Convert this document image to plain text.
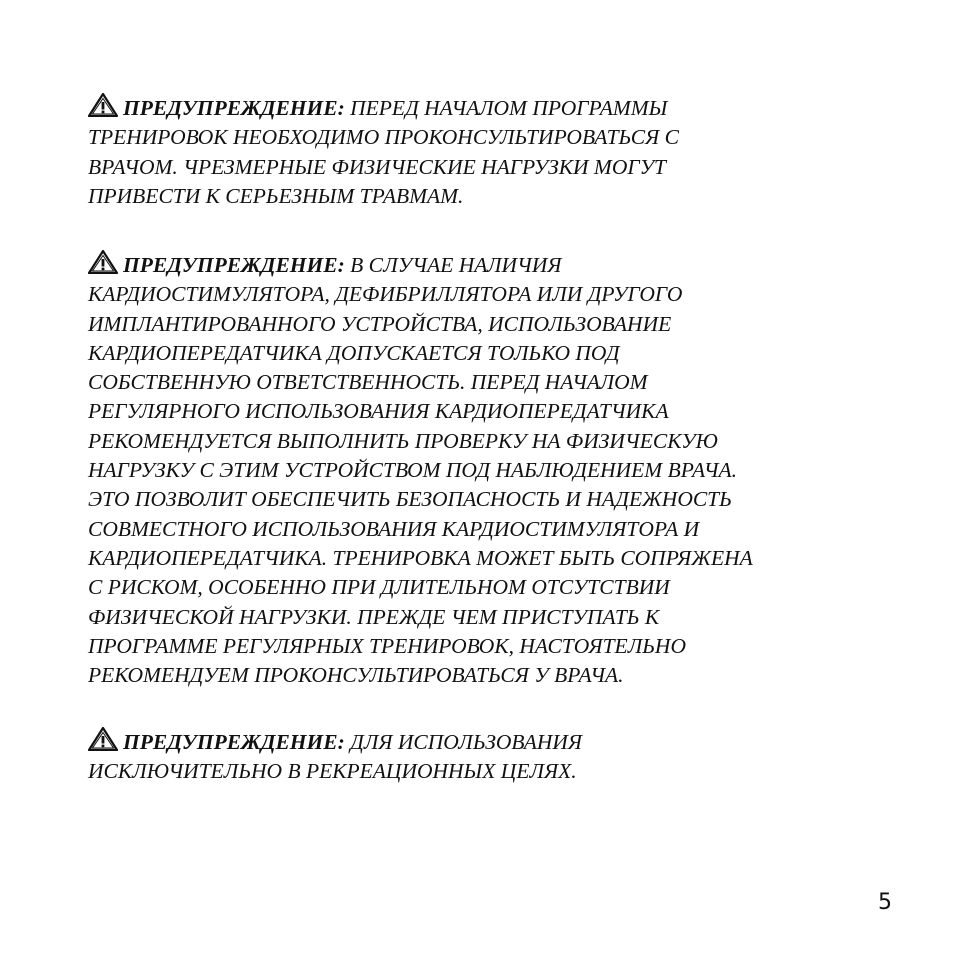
ПРЕДУПРЕЖДЕНИЕ: ПЕРЕД НАЧАЛОМ ПРОГРАММЫ
ТРЕНИРОВОК НЕОБХОДИМО ПРОКОНСУЛЬТИРОВАТЬСЯ С
ВРАЧОМ. ЧРЕЗМЕРНЫЕ ФИЗИЧЕСКИЕ НАГРУЗКИ МОГУТ
ПРИВЕСТИ К СЕРЬЕЗНЫМ ТРАВМАМ.
ПРЕДУПРЕЖДЕНИЕ: В СЛУЧАЕ НАЛИЧИЯ
КАРДИОСТИМУЛЯТОРА, ДЕФИБРИЛЛЯТОРА ИЛИ ДРУГОГО
ИМПЛАНТИРОВАННОГО УСТРОЙСТВА, ИСПОЛЬЗОВАНИЕ
КАРДИОПЕРЕДАТЧИКА ДОПУСКАЕТСЯ ТОЛЬКО ПОД
СОБСТВЕННУЮ ОТВЕТСТВЕННОСТЬ. ПЕРЕД НАЧАЛОМ
РЕГУЛЯРНОГО ИСПОЛЬЗОВАНИЯ КАРДИОПЕРЕДАТЧИКА
РЕКОМЕНДУЕТСЯ ВЫПОЛНИТЬ ПРОВЕРКУ НА ФИЗИЧЕСКУЮ
НАГРУЗКУ С ЭТИМ УСТРОЙСТВОМ ПОД НАБЛЮДЕНИЕМ ВРАЧА.
ЭТО ПОЗВОЛИТ ОБЕСПЕЧИТЬ БЕЗОПАСНОСТЬ И НАДЕЖНОСТЬ
СОВМЕСТНОГО ИСПОЛЬЗОВАНИЯ КАРДИОСТИМУЛЯТОРА И
КАРДИОПЕРЕДАТЧИКА. ТРЕНИРОВКА МОЖЕТ БЫТЬ СОПРЯЖЕНА
С РИСКОМ, ОСОБЕННО ПРИ ДЛИТЕЛЬНОМ ОТСУТСТВИИ
ФИЗИЧЕСКОЙ НАГРУЗКИ. ПРЕЖДЕ ЧЕМ ПРИСТУПАТЬ К
ПРОГРАММЕ РЕГУЛЯРНЫХ ТРЕНИРОВОК, НАСТОЯТЕЛЬНО
РЕКОМЕНДУЕМ ПРОКОНСУЛЬТИРОВАТЬСЯ У ВРАЧА.
ПРЕДУПРЕЖДЕНИЕ: ДЛЯ ИСПОЛЬЗОВАНИЯ
ИСКЛЮЧИТЕЛЬНО В РЕКРЕАЦИОННЫХ ЦЕЛЯХ.
5
